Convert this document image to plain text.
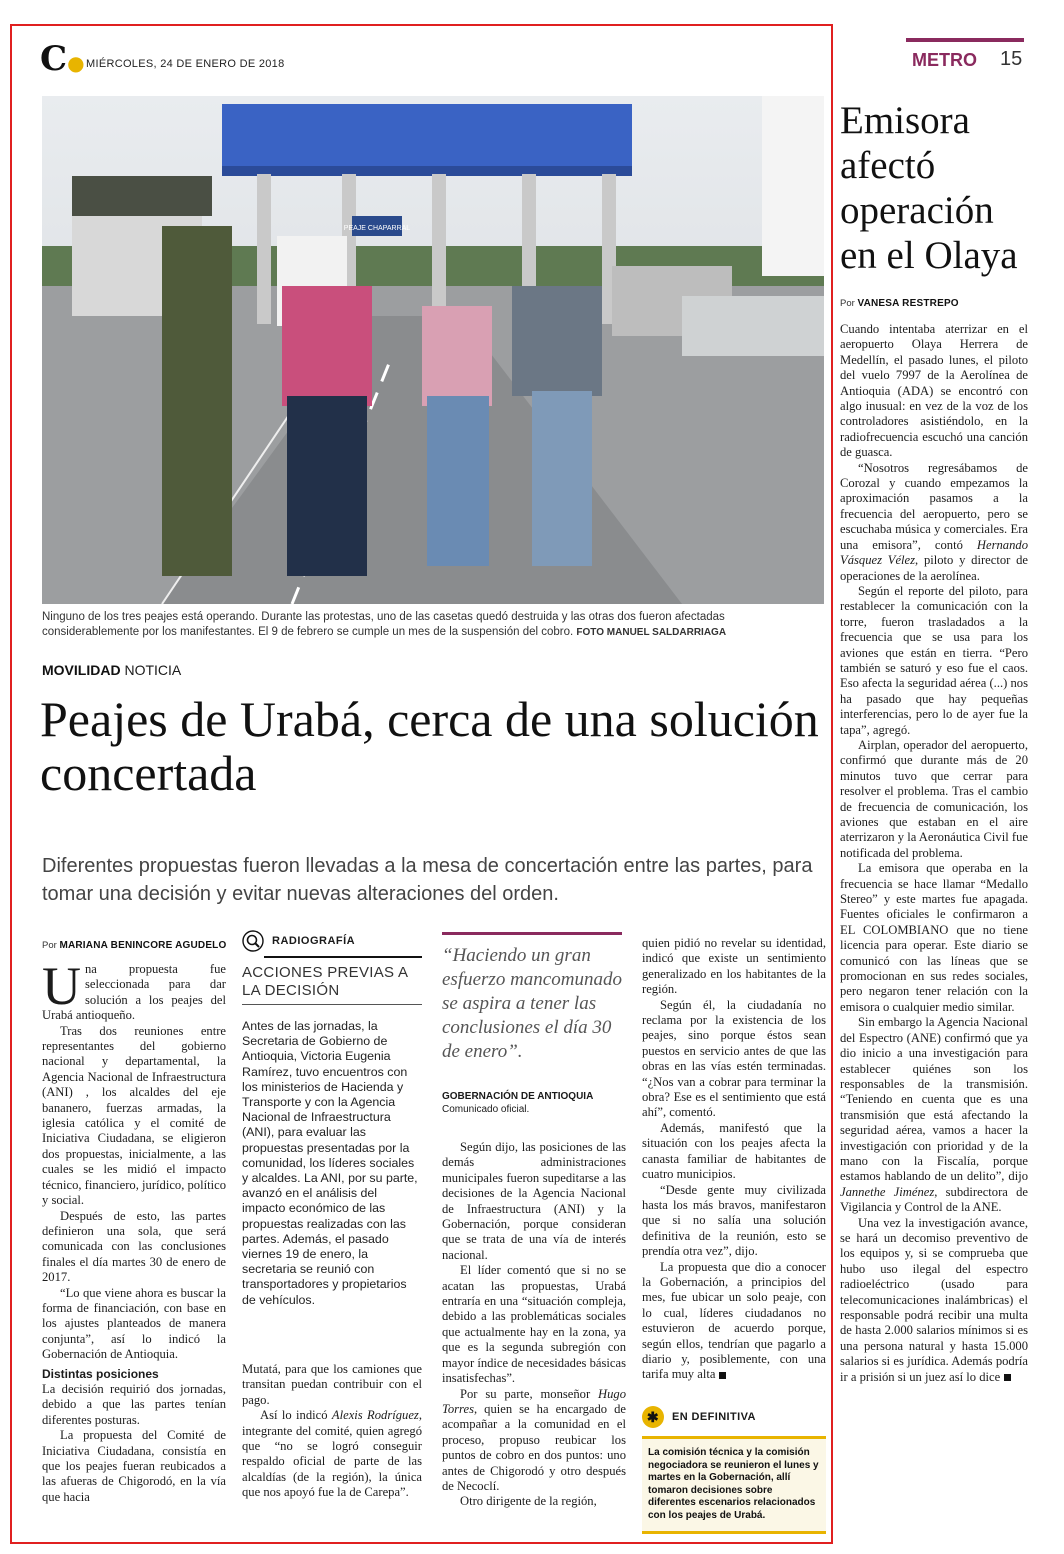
C● MIÉRCOLES, 24 DE ENERO DE 2018	METRO 15
PEAJE CHAPARRAL
Ninguno de los tres peajes está operando. Durante las protestas, uno de las casetas quedó destruida y las otras dos fueron afectadas considerablemente por los manifestantes. El 9 de febrero se cumple un mes de la suspensión del cobro. FOTO MANUEL SALDARRIAGA
MOVILIDAD NOTICIA
Peajes de Urabá, cerca de una solución concertada
Diferentes propuestas fueron llevadas a la mesa de concertación entre las partes, para tomar una decisión y evitar nuevas alteraciones del orden.
Por MARIANA BENINCORE AGUDELO

Una propuesta fue seleccionada para dar solución a los peajes del Urabá antioqueño.

Tras dos reuniones entre representantes del gobierno nacional y departamental, la Agencia Nacional de Infraestructura (ANI) , los alcaldes del eje bananero, fuerzas armadas, la iglesia católica y el comité de Iniciativa Ciudadana, se eligieron dos propuestas, inicialmente, a las cuales se les midió el impacto técnico, financiero, jurídico, político y social.

Después de esto, las partes definieron una sola, que será comunicada con las conclusiones finales el día martes 30 de enero de 2017.

“Lo que viene ahora es buscar la forma de financiación, con base en los ajustes planteados de manera conjunta”, así lo indicó la Gobernación de Antioquia.

Distintas posiciones

La decisión requirió dos jornadas, debido a que las partes tenían diferentes posturas.

La propuesta del Comité de Iniciativa Ciudadana, consistía en que los peajes fueran reubicados a las afueras de Chigorodó, en la vía que hacia

RADIOGRAFÍA
ACCIONES PREVIAS A LA DECISIÓN
Antes de las jornadas, la Secretaria de Gobierno de Antioquia, Victoria Eugenia Ramírez, tuvo encuentros con los ministerios de Hacienda y Transporte y con la Agencia Nacional de Infraestructura (ANI), para evaluar las propuestas presentadas por la comunidad, los líderes sociales y alcaldes. La ANI, por su parte, avanzó en el análisis del impacto económico de las propuestas realizadas con las partes. Además, el pasado viernes 19 de enero, la secretaria se reunió con transportadores y propietarios de vehículos.

Mutatá, para que los camiones que transitan puedan contribuir con el pago.

Así lo indicó Alexis Rodríguez, integrante del comité, quien agregó que “no se logró conseguir respaldo oficial de parte de las alcaldías (de la región), la única que nos apoyó fue la de Carepa”.

“Haciendo un gran esfuerzo mancomunado se aspira a tener las conclusiones el día 30 de enero”.
GOBERNACIÓN DE ANTIOQUIA
Comunicado oficial.

Según dijo, las posiciones de las demás administraciones municipales fueron supeditarse a las decisiones de la Agencia Nacional de Infraestructura (ANI) y la Gobernación, porque consideran que se trata de una vía de interés nacional.

El líder comentó que si no se acatan las propuestas, Urabá entraría en una “situación compleja, debido a las problemáticas sociales que actualmente hay en la zona, ya que es la segunda subregión con mayor índice de necesidades básicas insatisfechas”.

Por su parte, monseñor Hugo Torres, quien se ha encargado de acompañar a la comunidad en el proceso, propuso reubicar los puntos de cobro en dos puntos: uno antes de Chigorodó y otro después de Necoclí.

Otro dirigente de la región,

quien pidió no revelar su identidad, indicó que existe un sentimiento generalizado en los habitantes de la región.

Según él, la ciudadanía no reclama por la existencia de los peajes, sino porque éstos sean puestos en servicio antes de que las obras en las vías estén terminadas. “¿Nos van a cobrar para terminar la obra? Ese es el sentimiento que está ahí”, comentó.

Además, manifestó que la situación con los peajes afecta la canasta familiar de habitantes de cuatro municipios.

“Desde gente muy civilizada hasta los más bravos, manifestaron que si no salía una solución definitiva de la reunión, esto se prendía otra vez”, dijo.

La propuesta que dio a conocer la Gobernación, a principios del mes, fue ubicar un solo peaje, con lo cual, líderes ciudadanos no estuvieron de acuerdo porque, según ellos, tendrían que pagarlo a diario y, posiblemente, con una tarifa muy alta

✱	EN DEFINITIVA
La comisión técnica y la comisión negociadora se reunieron el lunes y martes en la Gobernación, allí tomaron decisiones sobre diferentes escenarios relacionados con los peajes de Urabá.
Emisora afectó operación en el Olaya
Por VANESA RESTREPO

Cuando intentaba aterrizar en el aeropuerto Olaya Herrera de Medellín, el pasado lunes, el piloto del vuelo 7997 de la Aerolínea de Antioquia (ADA) se encontró con algo inusual: en vez de la voz de los controladores asistiéndolo, en la radiofrecuencia escuchó una canción de guasca.

“Nosotros regresábamos de Corozal y cuando empezamos la aproximación pasamos a la frecuencia del aeropuerto, pero se escuchaba música y comerciales. Era una emisora”, contó Hernando Vásquez Vélez, piloto y director de operaciones de la aerolínea.

Según el reporte del piloto, para restablecer la comunicación con la torre, fueron trasladados a la frecuencia que se usa para los aviones que están en tierra. “Pero también se saturó y eso fue el caos. Eso afecta la seguridad aérea (...) nos ha pasado que hay pequeñas interferencias, pero lo de ayer fue la tapa”, agregó.

Airplan, operador del aeropuerto, confirmó que durante más de 20 minutos tuvo que cerrar para resolver el problema. Tras el cambio de frecuencia de comunicación, los aviones que estaban en el aire aterrizaron y la Aeronáutica Civil fue notificada del problema.

La emisora que operaba en la frecuencia se hace llamar “Medallo Stereo” y este martes fue apagada. Fuentes oficiales le confirmaron a EL COLOMBIANO que no tiene licencia para operar. Este diario se comunicó con las líneas que se promocionan en sus redes sociales, pero negaron tener relación con la emisora o cualquier medio similar.

Sin embargo la Agencia Nacional del Espectro (ANE) confirmó que ya dio inicio a una investigación para establecer quiénes son los responsables de la transmisión. “Teniendo en cuenta que es una transmisión que está afectando la seguridad aérea, vamos a hacer la investigación con prioridad y de la mano con la Fiscalía, porque estamos hablando de un delito”, dijo Jannethe Jiménez, subdirectora de Vigilancia y Control de la ANE.

Una vez la investigación avance, se hará un decomiso preventivo de los equipos y, si se comprueba que hubo uso ilegal del espectro radioeléctrico (usado para telecomunicaciones inalámbricas) el responsable podrá recibir una multa de hasta 2.000 salarios mínimos si es una persona natural y hasta 15.000 salarios si es jurídica. Además podría ir a prisión si un juez así lo dice
